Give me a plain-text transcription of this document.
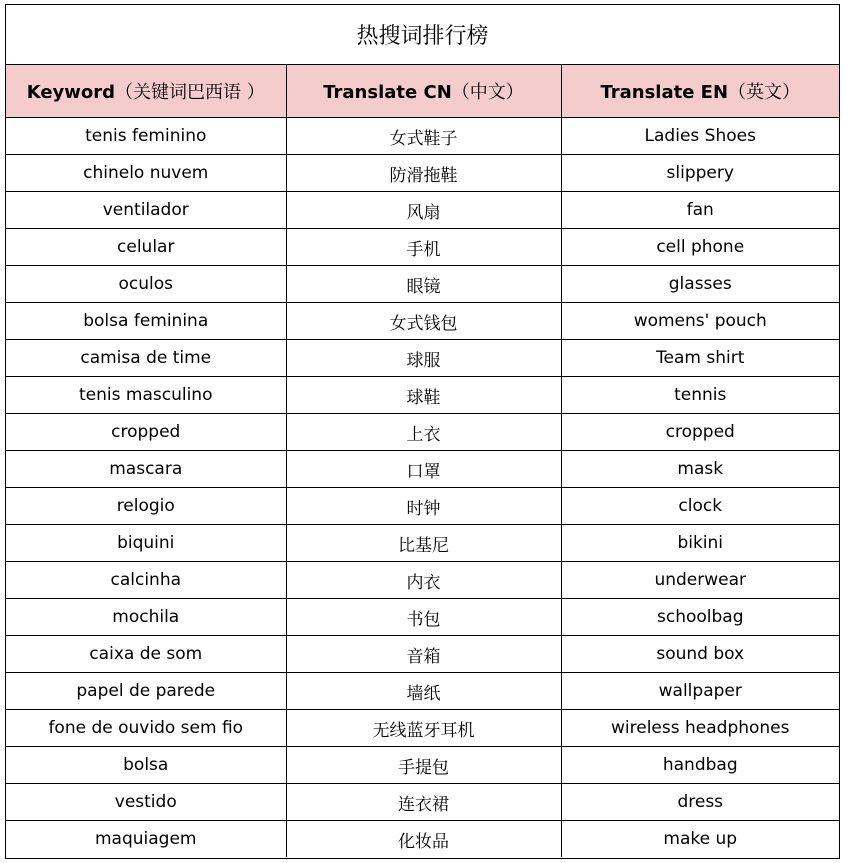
热搜词排行榜
Keyword（关键词巴西语 ）	Translate CN（中文）	Translate EN（英文）
tenis feminino	女式鞋子	Ladies Shoes
chinelo nuvem	防滑拖鞋	slippery
ventilador	风扇	fan
celular	手机	cell phone
oculos	眼镜	glasses
bolsa feminina	女式钱包	womens' pouch
camisa de time	球服	Team shirt
tenis masculino	球鞋	tennis
cropped	上衣	cropped
mascara	口罩	mask
relogio	时钟	clock
biquini	比基尼	bikini
calcinha	内衣	underwear
mochila	书包	schoolbag
caixa de som	音箱	sound box
papel de parede	墙纸	wallpaper
fone de ouvido sem fio	无线蓝牙耳机	wireless headphones
bolsa	手提包	handbag
vestido	连衣裙	dress
maquiagem	化妆品	make up
